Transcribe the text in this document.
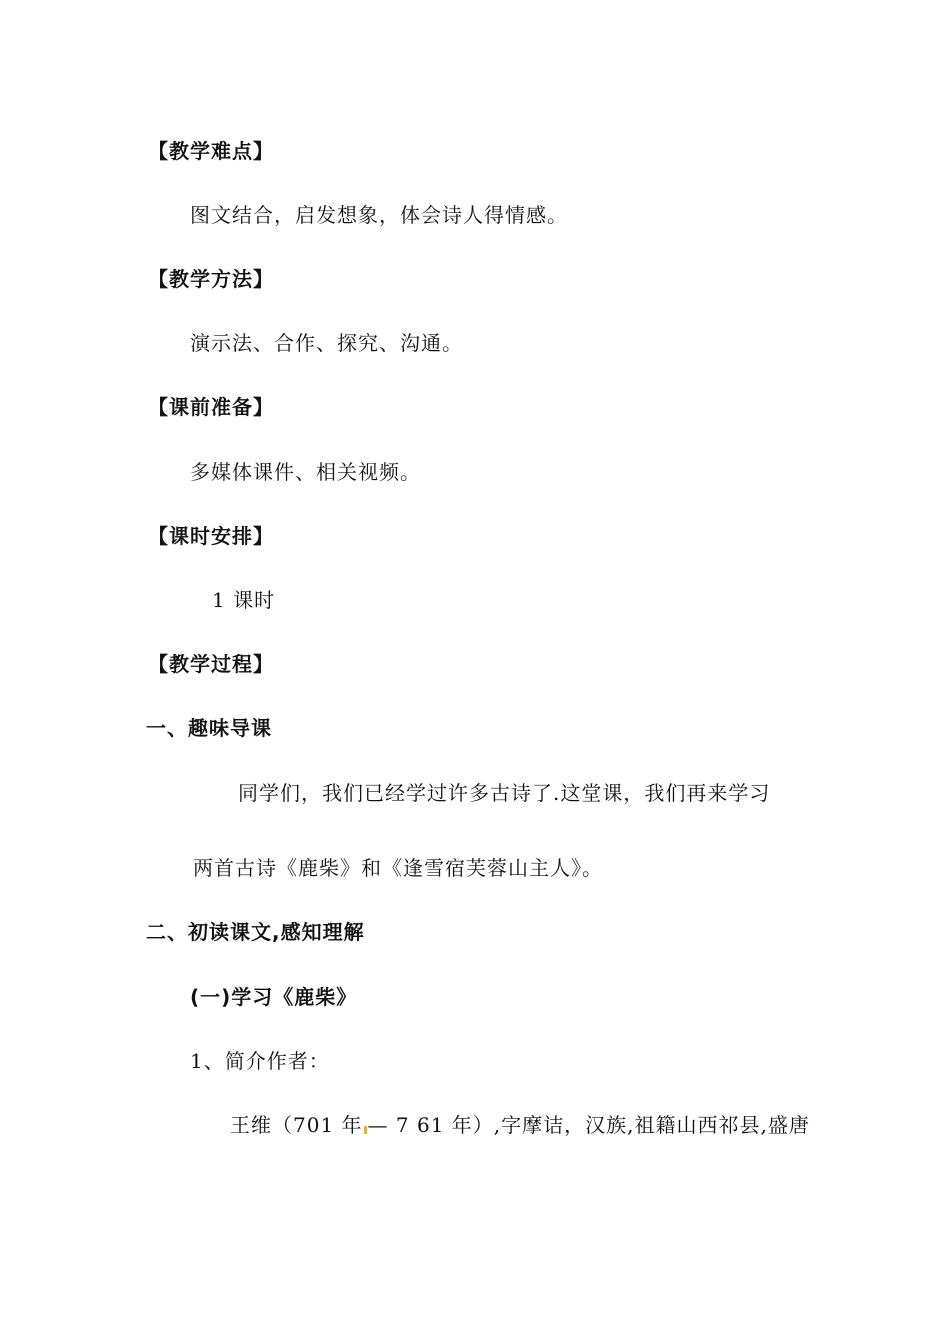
【教学难点】
图文结合，启发想象，体会诗人得情感。
【教学方法】
演示法、合作、探究、沟通。
【课前准备】
多媒体课件、相关视频。
【课时安排】
1 课时
【教学过程】
一、趣味导课
同学们，我们已经学过许多古诗了.这堂课，我们再来学习
两首古诗《鹿柴》和《逢雪宿芙蓉山主人》。
二、初读课文,感知理解
(一)学习《鹿柴》
1、简介作者：
王维（701 年 — 7 61 年）,字摩诘，汉族,祖籍山西祁县,盛唐
